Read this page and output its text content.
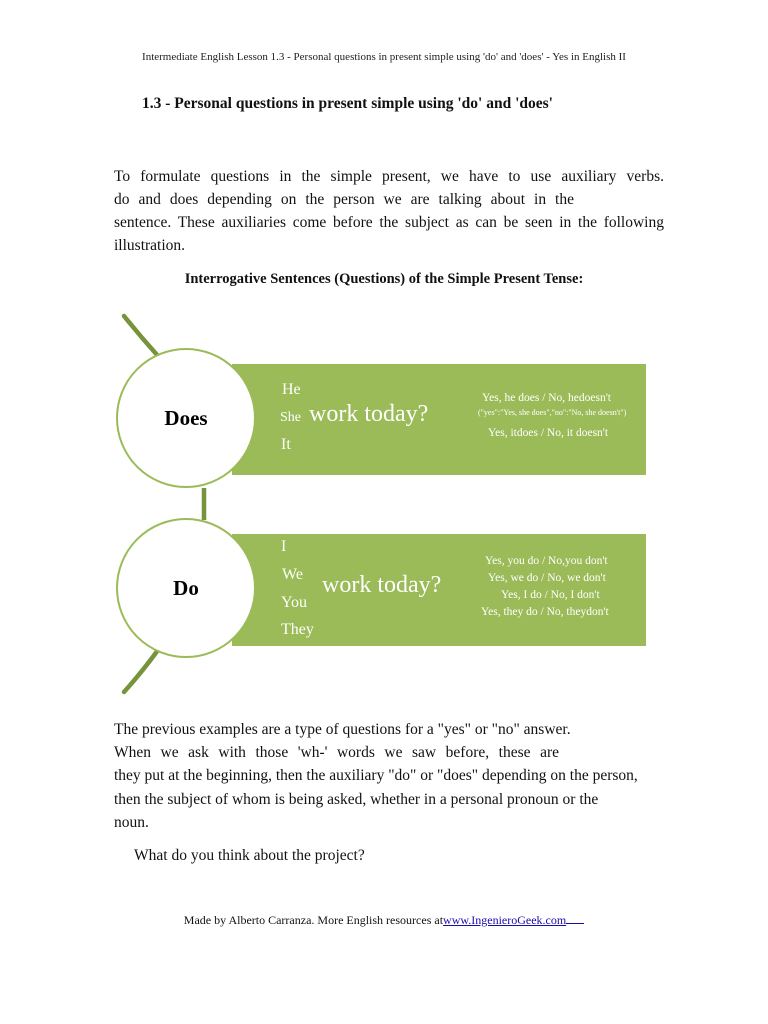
Intermediate English Lesson 1.3 - Personal questions in present simple using 'do' and 'does' - Yes in English II
1.3 - Personal questions in present simple using 'do' and 'does'
To formulate questions in the simple present, we have to use auxiliary verbs.
do and does depending on the person we are talking about in the
sentence. These auxiliaries come before the subject as can be seen in the following
illustration.
Interrogative Sentences (Questions) of the Simple Present Tense:
Does
He
She
It
work today?
Yes, he does / No, hedoesn't
("yes":"Yes, she does","no":"No, she doesn't")
Yes, itdoes / No, it doesn't
Do
I
We
You
They
work today?
Yes, you do / No,you don't
Yes, we do / No, we don't
Yes, I do / No, I don't
Yes, they do / No, theydon't
The previous examples are a type of questions for a "yes" or "no" answer.
When we ask with those 'wh-' words we saw before, these are
they put at the beginning, then the auxiliary "do" or "does" depending on the person,
then the subject of whom is being asked, whether in a personal pronoun or the
noun.
What do you think about the project?
Made by Alberto Carranza. More English resources atwww.IngenieroGeek.com
